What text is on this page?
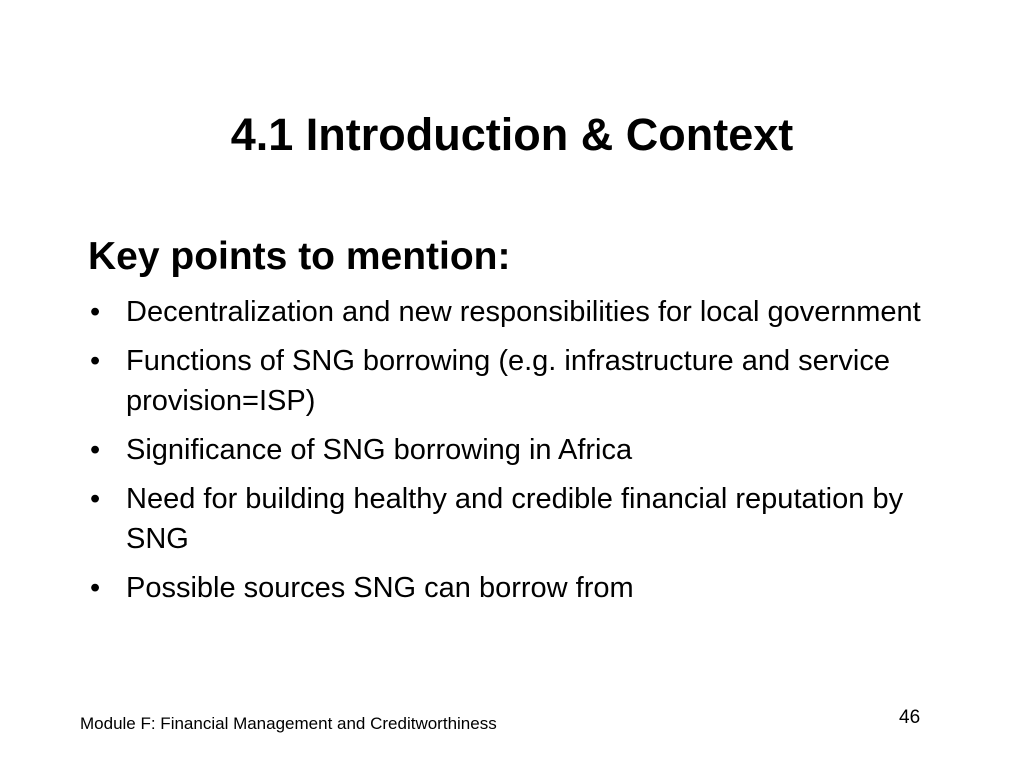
4.1 Introduction & Context
Key points to mention:
• Decentralization and new responsibilities for local government
• Functions of SNG borrowing (e.g. infrastructure and service provision=ISP)
• Significance of SNG borrowing in Africa
• Need for building healthy and credible financial reputation by SNG
• Possible sources SNG can borrow from
Module F: Financial Management and Creditworthiness	46
